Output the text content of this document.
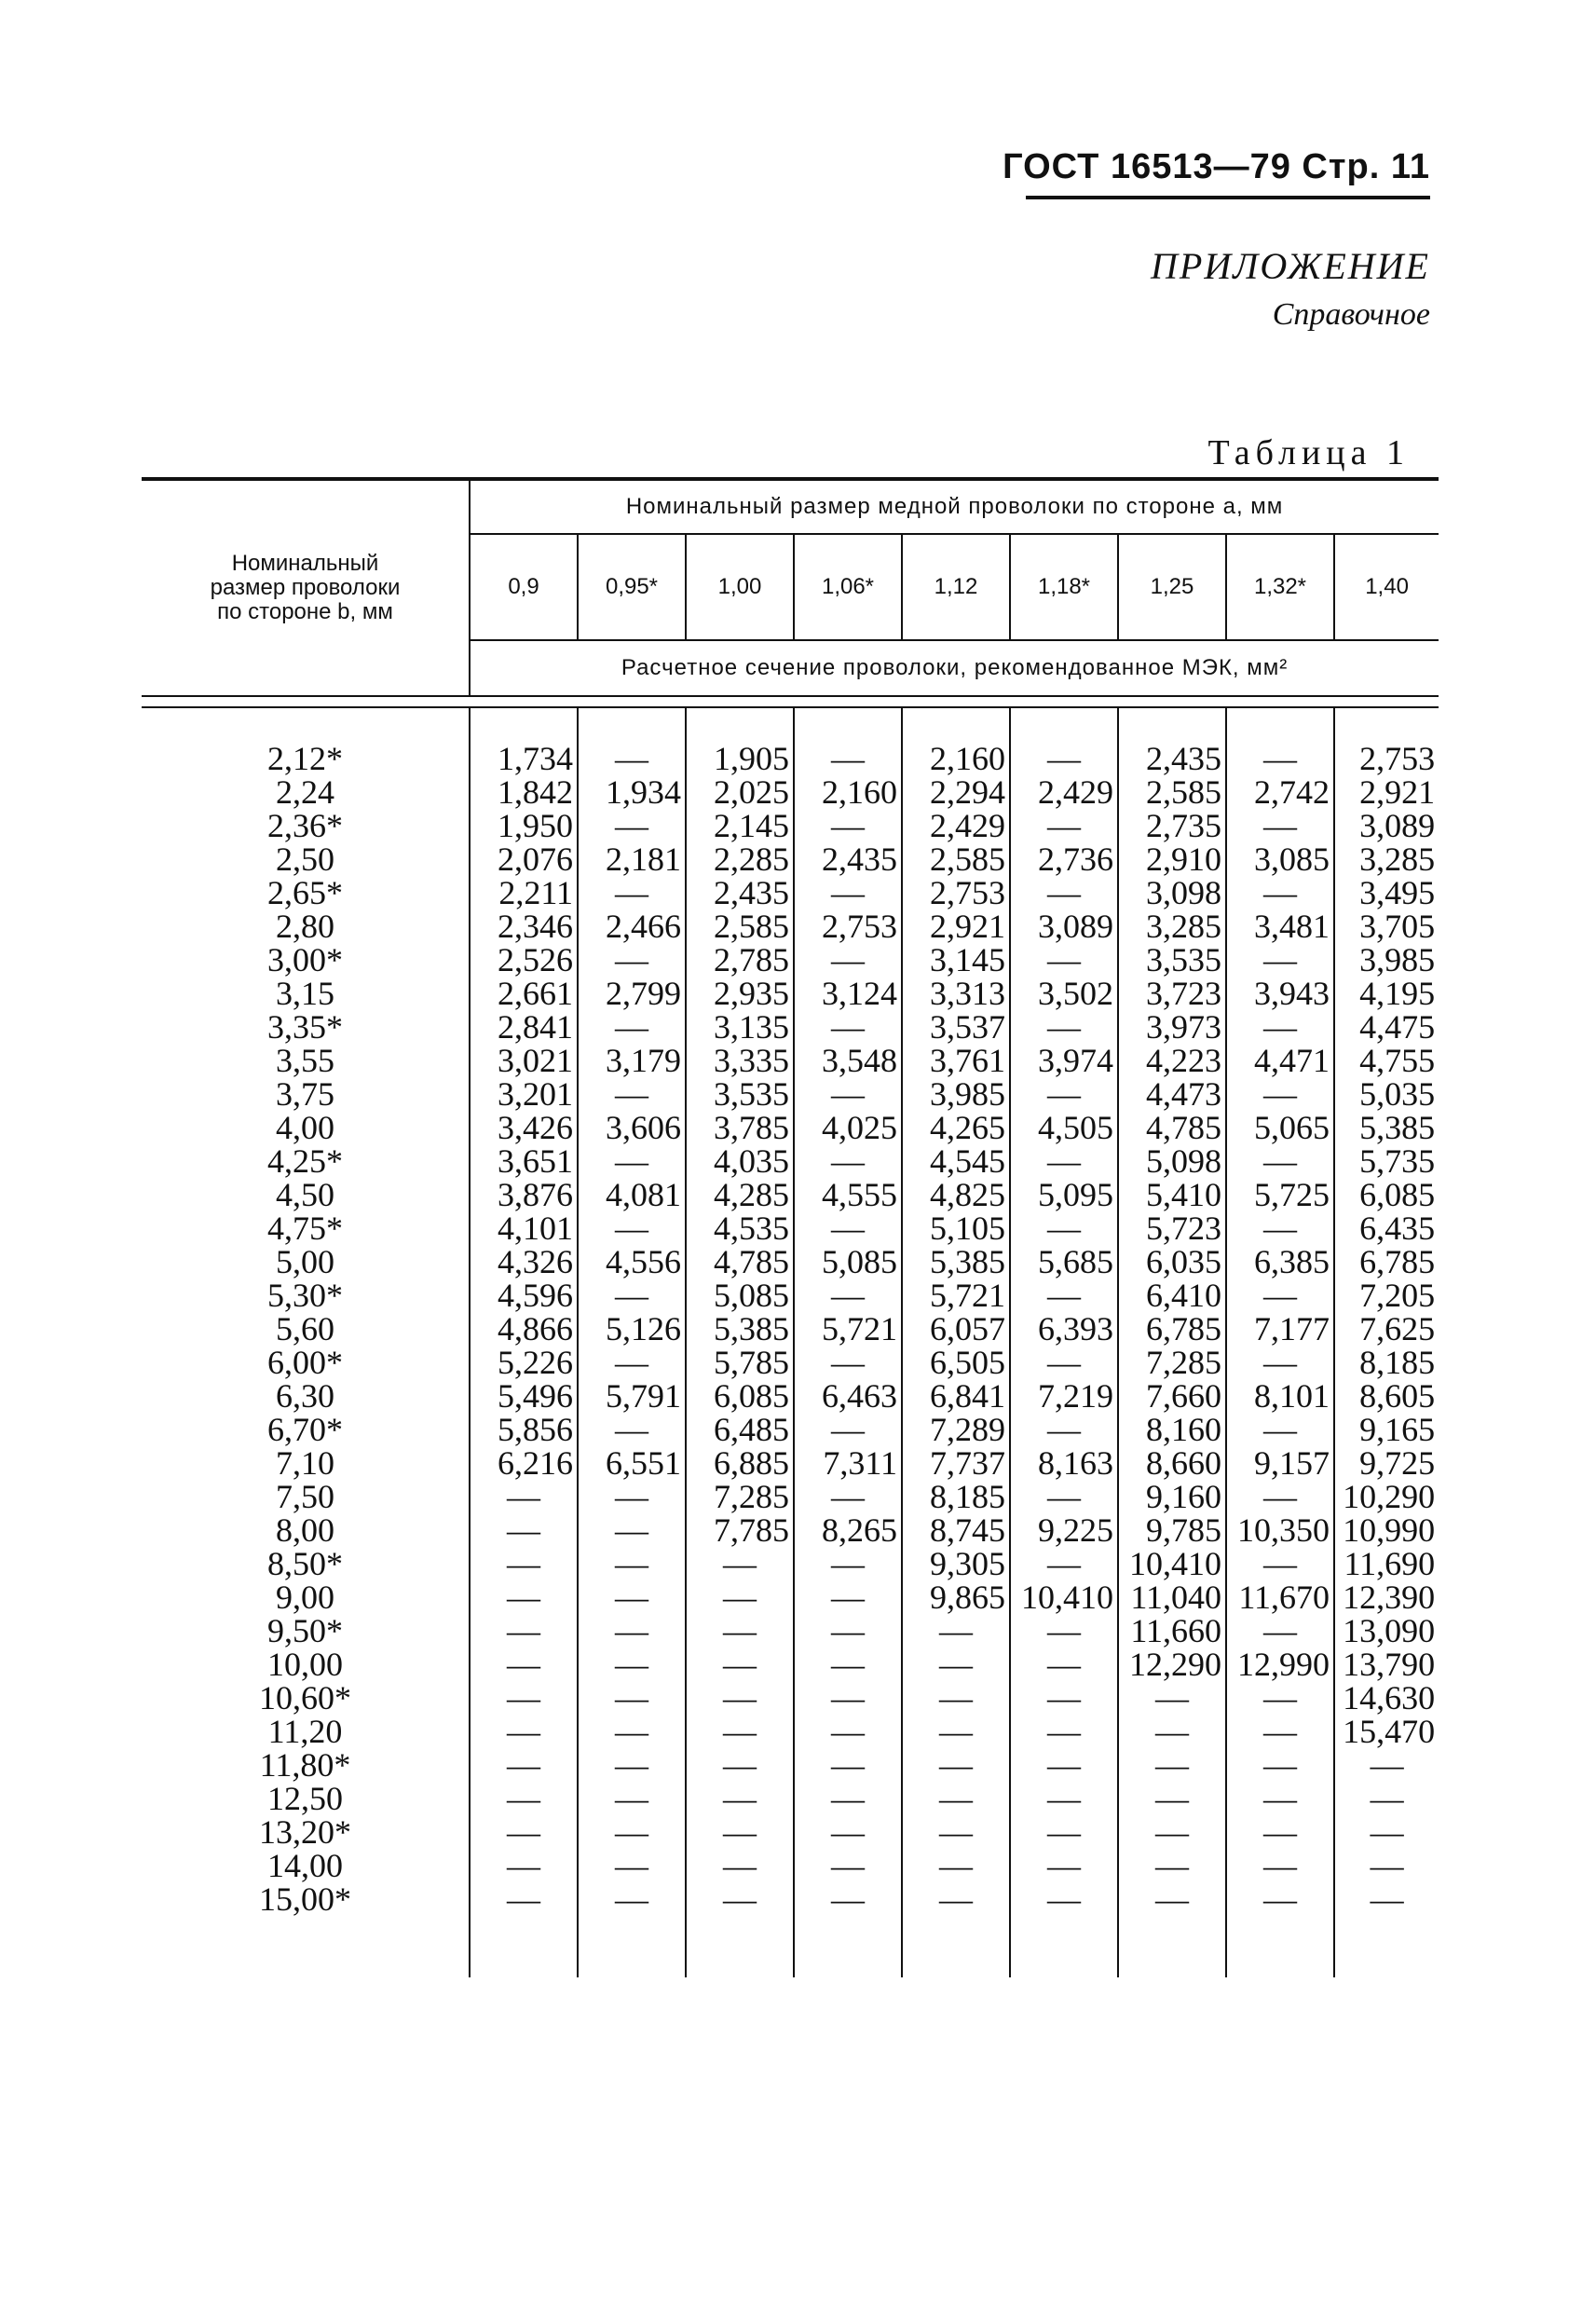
ГОСТ 16513—79 Стр. 11
ПРИЛОЖЕНИЕ
Справочное
Таблица 1
Номинальный
размер проволоки
по стороне b, мм	Номинальный размер медной проволоки по стороне a, мм								
	0,9	0,95*	1,00	1,06*	1,12	1,18*	1,25	1,32*	1,40
	Расчетное сечение проволоки, рекомендованное МЭК, мм²								

2,12*	1,734	—	1,905	—	2,160	—	2,435	—	2,753
2,24	1,842	1,934	2,025	2,160	2,294	2,429	2,585	2,742	2,921
2,36*	1,950	—	2,145	—	2,429	—	2,735	—	3,089
2,50	2,076	2,181	2,285	2,435	2,585	2,736	2,910	3,085	3,285
2,65*	2,211	—	2,435	—	2,753	—	3,098	—	3,495
2,80	2,346	2,466	2,585	2,753	2,921	3,089	3,285	3,481	3,705
3,00*	2,526	—	2,785	—	3,145	—	3,535	—	3,985
3,15	2,661	2,799	2,935	3,124	3,313	3,502	3,723	3,943	4,195
3,35*	2,841	—	3,135	—	3,537	—	3,973	—	4,475
3,55	3,021	3,179	3,335	3,548	3,761	3,974	4,223	4,471	4,755
3,75	3,201	—	3,535	—	3,985	—	4,473	—	5,035
4,00	3,426	3,606	3,785	4,025	4,265	4,505	4,785	5,065	5,385
4,25*	3,651	—	4,035	—	4,545	—	5,098	—	5,735
4,50	3,876	4,081	4,285	4,555	4,825	5,095	5,410	5,725	6,085
4,75*	4,101	—	4,535	—	5,105	—	5,723	—	6,435
5,00	4,326	4,556	4,785	5,085	5,385	5,685	6,035	6,385	6,785
5,30*	4,596	—	5,085	—	5,721	—	6,410	—	7,205
5,60	4,866	5,126	5,385	5,721	6,057	6,393	6,785	7,177	7,625
6,00*	5,226	—	5,785	—	6,505	—	7,285	—	8,185
6,30	5,496	5,791	6,085	6,463	6,841	7,219	7,660	8,101	8,605
6,70*	5,856	—	6,485	—	7,289	—	8,160	—	9,165
7,10	6,216	6,551	6,885	7,311	7,737	8,163	8,660	9,157	9,725
7,50	—	—	7,285	—	8,185	—	9,160	—	10,290
8,00	—	—	7,785	8,265	8,745	9,225	9,785	10,350	10,990
8,50*	—	—	—	—	9,305	—	10,410	—	11,690
9,00	—	—	—	—	9,865	10,410	11,040	11,670	12,390
9,50*	—	—	—	—	—	—	11,660	—	13,090
10,00	—	—	—	—	—	—	12,290	12,990	13,790
10,60*	—	—	—	—	—	—	—	—	14,630
11,20	—	—	—	—	—	—	—	—	15,470
11,80*	—	—	—	—	—	—	—	—	—
12,50	—	—	—	—	—	—	—	—	—
13,20*	—	—	—	—	—	—	—	—	—
14,00	—	—	—	—	—	—	—	—	—
15,00*	—	—	—	—	—	—	—	—	—
